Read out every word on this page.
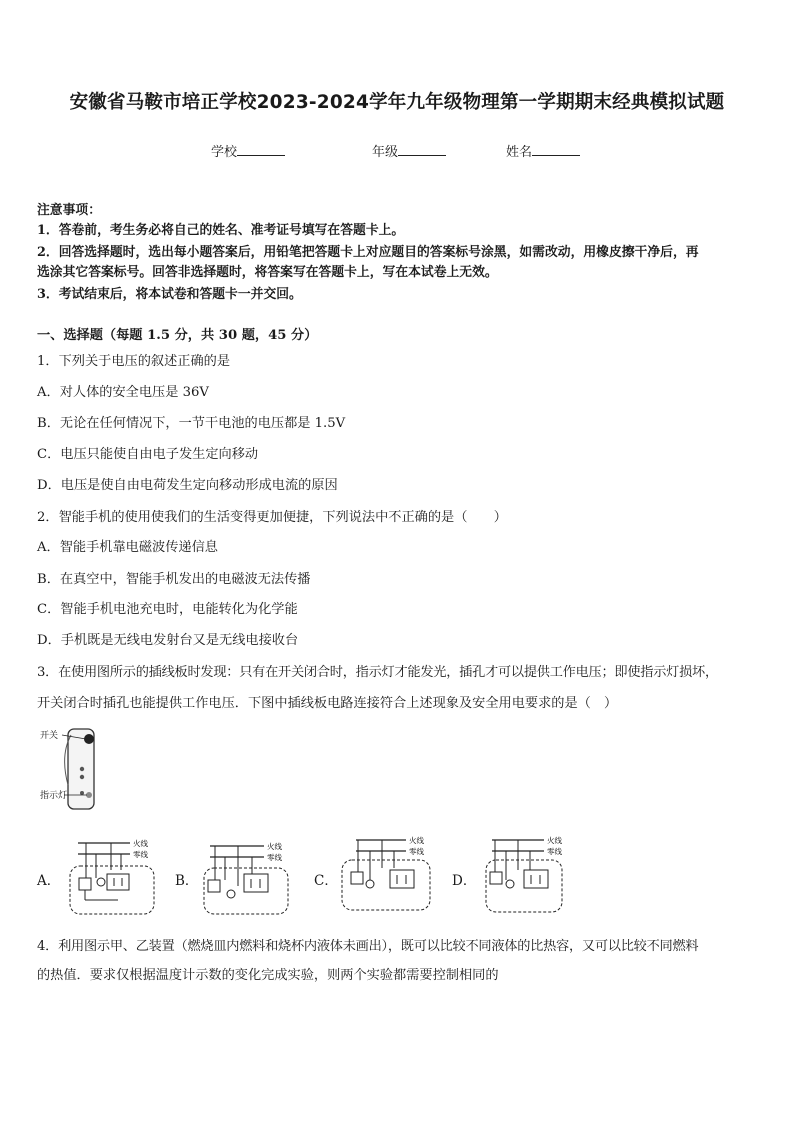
安徽省马鞍市培正学校2023-2024学年九年级物理第一学期期末经典模拟试题
学校	年级	姓名
注意事项：
1．答卷前，考生务必将自己的姓名、准考证号填写在答题卡上。
2．回答选择题时，选出每小题答案后，用铅笔把答题卡上对应题目的答案标号涂黑，如需改动，用橡皮擦干净后，再
选涂其它答案标号。回答非选择题时，将答案写在答题卡上，写在本试卷上无效。
3．考试结束后，将本试卷和答题卡一并交回。
一、选择题（每题 1.5 分，共 30 题，45 分）
1．下列关于电压的叙述正确的是
A．对人体的安全电压是 36V
B．无论在任何情况下，一节干电池的电压都是 1.5V
C．电压只能使自由电子发生定向移动
D．电压是使自由电荷发生定向移动形成电流的原因
2．智能手机的使用使我们的生活变得更加便捷，下列说法中不正确的是（　　）
A．智能手机靠电磁波传递信息
B．在真空中，智能手机发出的电磁波无法传播
C．智能手机电池充电时，电能转化为化学能
D．手机既是无线电发射台又是无线电接收台
3．在使用图所示的插线板时发现：只有在开关闭合时，指示灯才能发光，插孔才可以提供工作电压；即使指示灯损坏，
开关闭合时插孔也能提供工作电压．下图中插线板电路连接符合上述现象及安全用电要求的是（　）
开关
指示灯
A．
火线
零线
B．
火线
零线
C．
火线
零线
D．
火线
零线
4．利用图示甲、乙装置（燃烧皿内燃料和烧杯内液体未画出），既可以比较不同液体的比热容，又可以比较不同燃料
的热值．要求仅根据温度计示数的变化完成实验，则两个实验都需要控制相同的
